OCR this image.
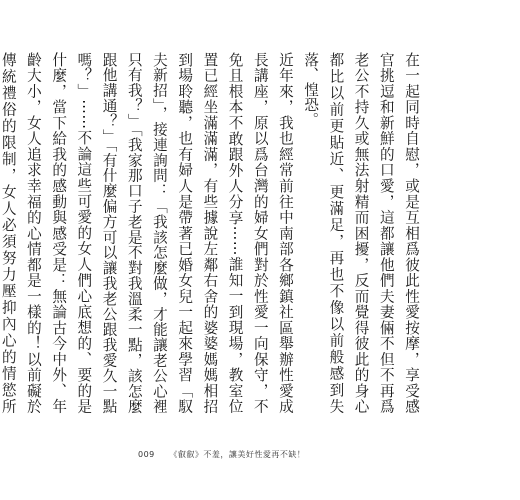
在一起同時自慰，或是互相爲彼此性愛按摩，享受感官挑逗和新鮮的口愛，這都讓他們夫妻倆不但不再爲老公不持久或無法射精而困擾，反而覺得彼此的身心都比以前更貼近、更滿足，再也不像以前般感到失落、惶恐。

近年來，我也經常前往中南部各鄉鎮社區舉辦性愛成長講座，原以爲台灣的婦女們對於性愛一向保守，不免且根本不敢跟外人分享⋯⋯誰知一到現場，教室位置已經坐滿滿滿，有些據說左鄰右舍的婆婆媽媽相招到場聆聽，也有婦人是帶著已婚女兒一起來學習「馭夫新招」，接連詢問：「我該怎麼做，才能讓老公心裡只有我？」「我家那口子老是不對我溫柔一點，該怎麼跟他講通？」「有什麼偏方可以讓我老公跟我愛久一點嗎？」⋯⋯不論這些可愛的女人們心底想的、要的是什麼，當下給我的感動與感受是：無論古今中外、年齡大小，女人追求幸福的心情都是一樣的！以前礙於傳統禮俗的限制，女人必須努力壓抑內心的情慾所

009 《叡叡》不羞，讓美好性愛再不缺！
